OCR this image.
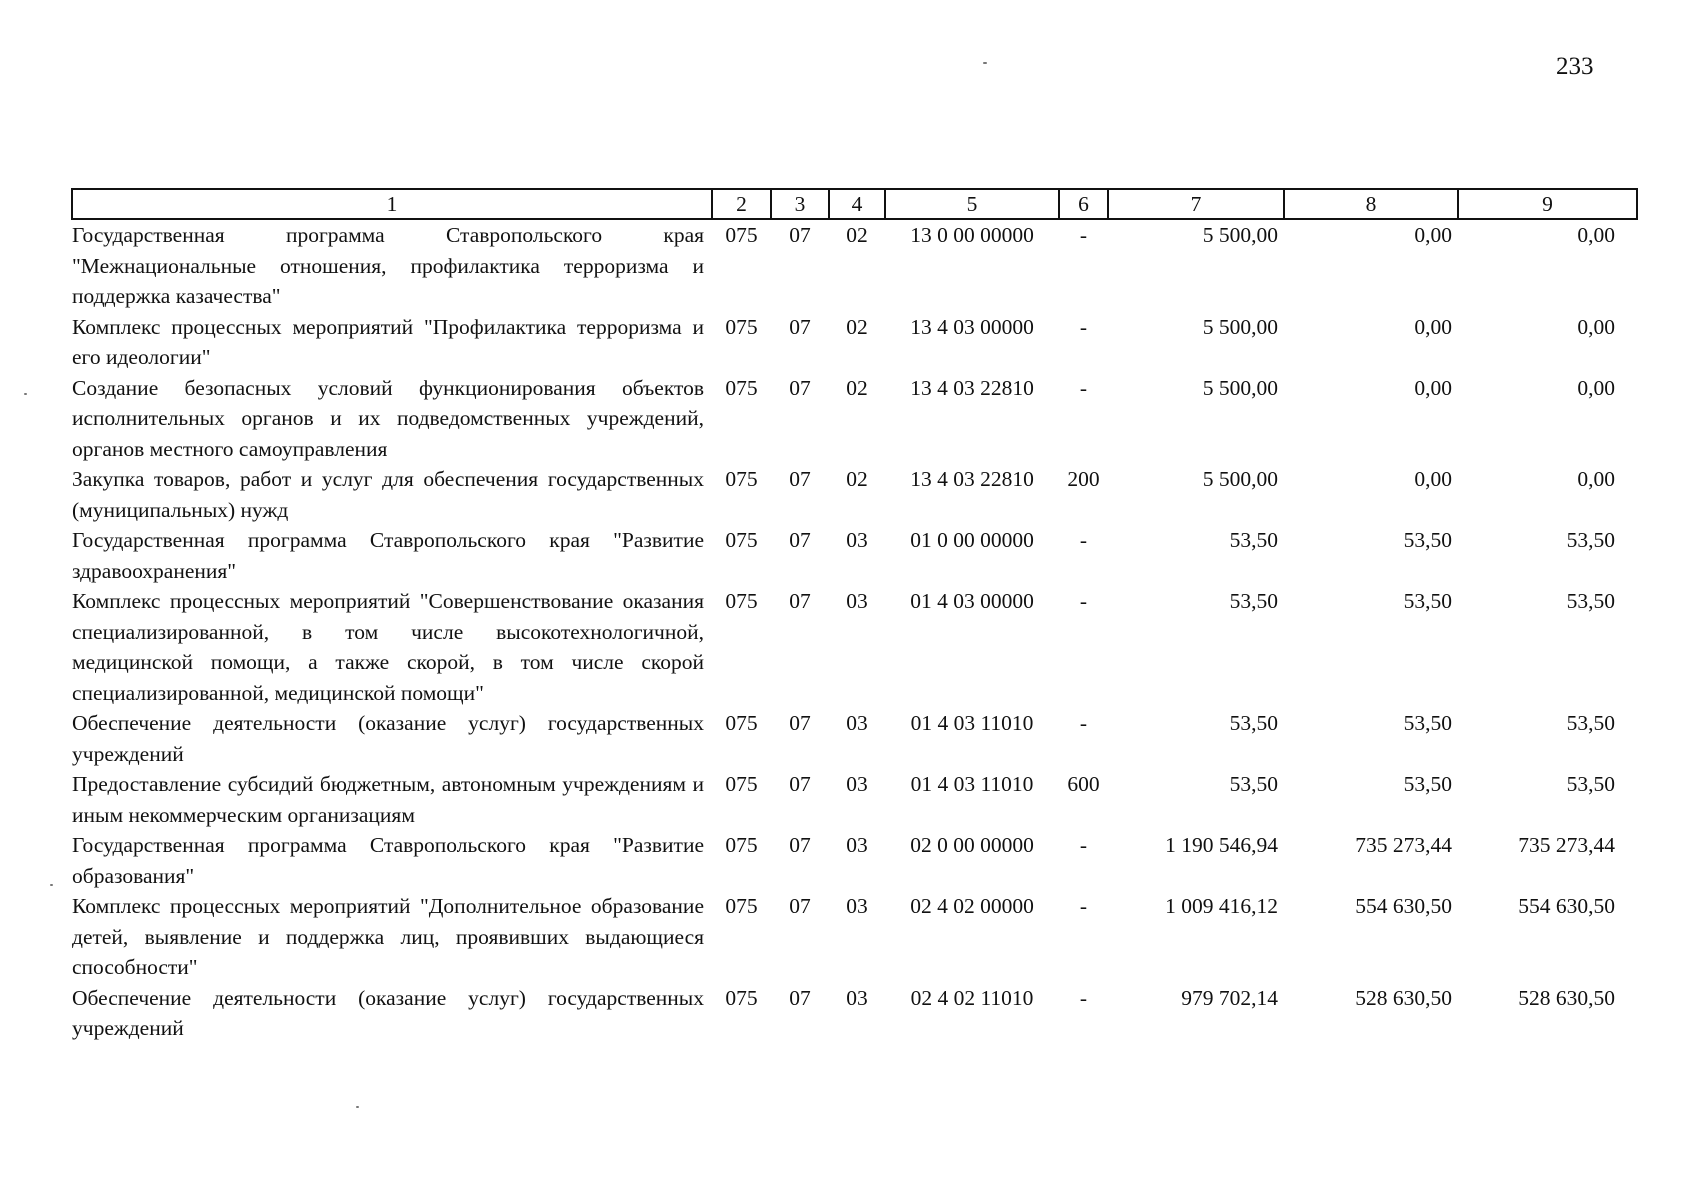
233
1	2	3	4	5	6	7	8	9
Государственная программа Ставропольского края "Межнациональные отношения, профилактика терроризма и поддержка казачества"	075	07	02	13 0 00 00000	-	5 500,00	0,00	0,00
Комплекс процессных мероприятий "Профилактика терроризма и его идеологии"	075	07	02	13 4 03 00000	-	5 500,00	0,00	0,00
Создание безопасных условий функционирования объектов исполнительных органов и их подведомственных учреждений, органов местного самоуправления	075	07	02	13 4 03 22810	-	5 500,00	0,00	0,00
Закупка товаров, работ и услуг для обеспечения государственных (муниципальных) нужд	075	07	02	13 4 03 22810	200	5 500,00	0,00	0,00
Государственная программа Ставропольского края "Развитие здравоохранения"	075	07	03	01 0 00 00000	-	53,50	53,50	53,50
Комплекс процессных мероприятий "Совершенствование оказания специализированной, в том числе высокотехнологичной, медицинской помощи, а также скорой, в том числе скорой специализированной, медицинской помощи"	075	07	03	01 4 03 00000	-	53,50	53,50	53,50
Обеспечение деятельности (оказание услуг) государственных учреждений	075	07	03	01 4 03 11010	-	53,50	53,50	53,50
Предоставление субсидий бюджетным, автономным учреждениям и иным некоммерческим организациям	075	07	03	01 4 03 11010	600	53,50	53,50	53,50
Государственная программа Ставропольского края "Развитие образования"	075	07	03	02 0 00 00000	-	1 190 546,94	735 273,44	735 273,44
Комплекс процессных мероприятий "Дополнительное образование детей, выявление и поддержка лиц, проявивших выдающиеся способности"	075	07	03	02 4 02 00000	-	1 009 416,12	554 630,50	554 630,50
Обеспечение деятельности (оказание услуг) государственных учреждений	075	07	03	02 4 02 11010	-	979 702,14	528 630,50	528 630,50
